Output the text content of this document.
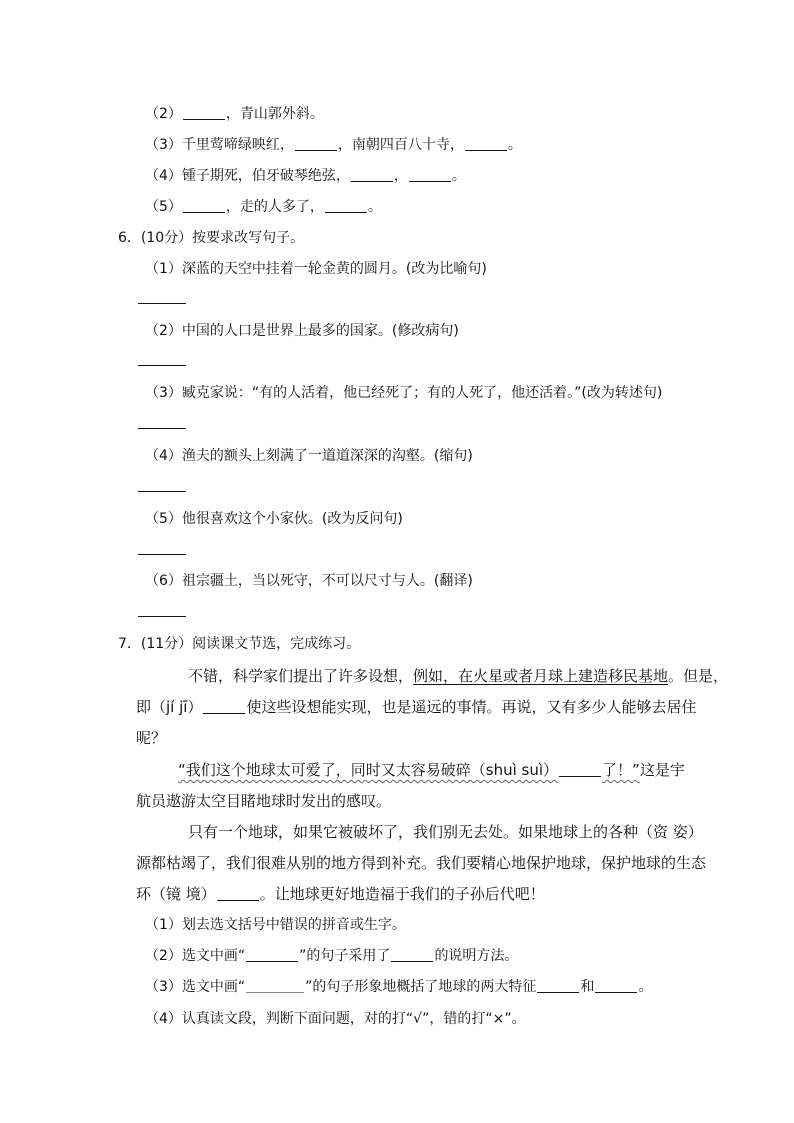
（2）	，青山郭外斜。
（3）千里莺啼绿映红，	，南朝四百八十寺，	。
（4）锺子期死，伯牙破琴绝弦，	，	。
（5）	，走的人多了，	。
6．(10分）按要求改写句子。
（1）深蓝的天空中挂着一轮金黄的圆月。(改为比喻句)
（2）中国的人口是世界上最多的国家。(修改病句)
（3）臧克家说：“有的人活着，他已经死了；有的人死了，他还活着。”(改为转述句)
（4）渔夫的额头上刻满了一道道深深的沟壑。(缩句)
（5）他很喜欢这个小家伙。(改为反问句)
（6）祖宗疆土，当以死守，不可以尺寸与人。(翻译)
7．(11分）阅读课文节选，完成练习。
不错，科学家们提出了许多设想，例如，在火星或者月球上建造移民基地。但是，
即（jí jī）	使这些设想能实现，也是遥远的事情。再说，又有多少人能够去居住
呢？
“我们这个地球太可爱了，同时又太容易破碎（shuì suì）	了！”这是宇
航员遨游太空目睹地球时发出的感叹。
只有一个地球，如果它被破坏了，我们别无去处。如果地球上的各种（资 姿）
源都枯竭了，我们很难从别的地方得到补充。我们要精心地保护地球，保护地球的生态
环（镜 境）	。让地球更好地造福于我们的子孙后代吧！
（1）划去选文括号中错误的拼音或生字。
（2）选文中画“	”的句子采用了	的说明方法。
（3）选文中画“	”的句子形象地概括了地球的两大特征	和	。
（4）认真读文段，判断下面问题，对的打“√”，错的打“×”。
